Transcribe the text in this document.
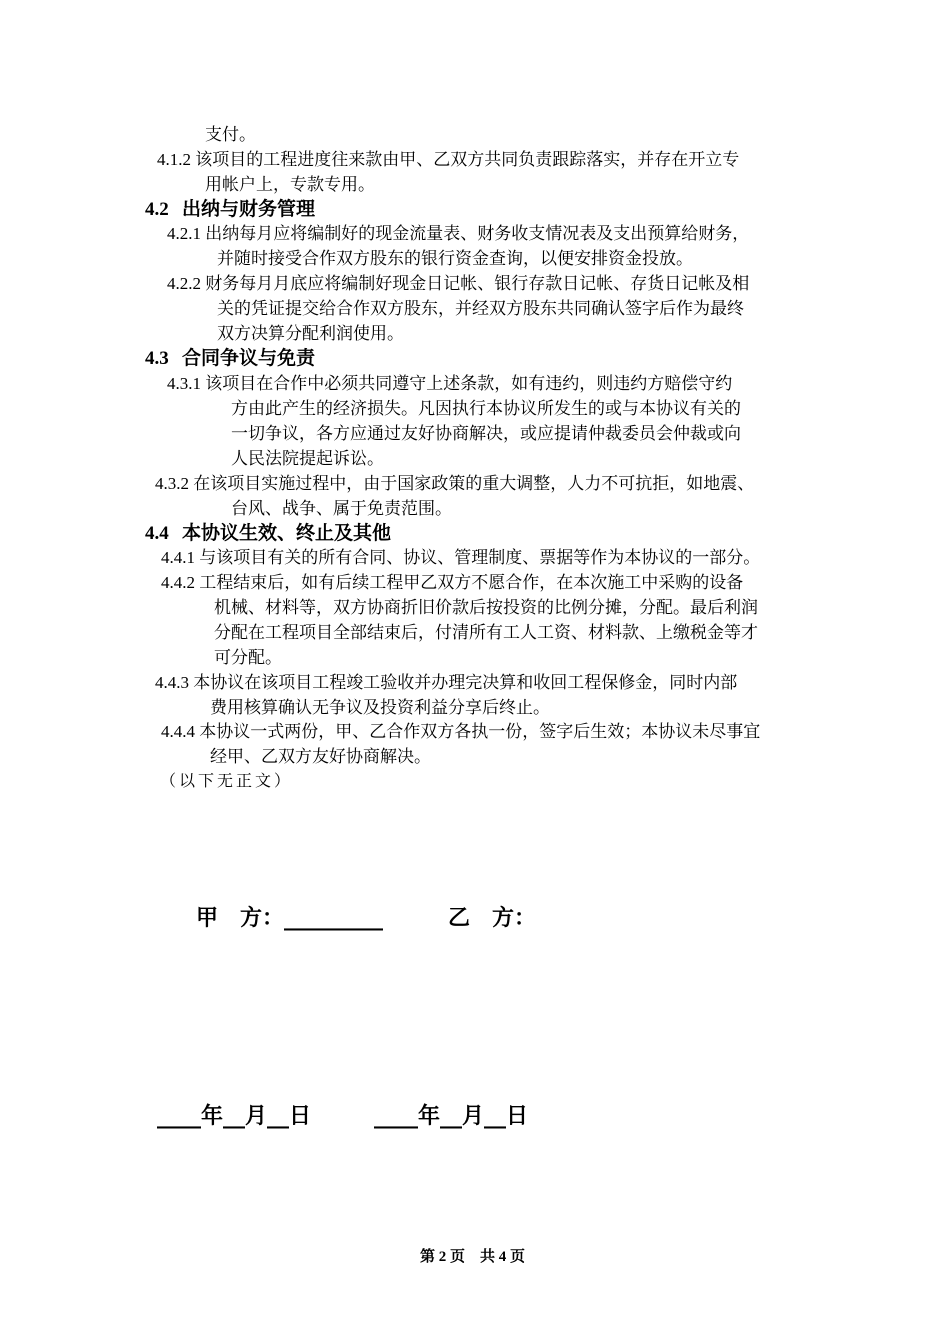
支付。
4.1.2 该项目的工程进度往来款由甲、乙双方共同负责跟踪落实，并存在开立专
用帐户上，专款专用。
4.2 出纳与财务管理
4.2.1 出纳每月应将编制好的现金流量表、财务收支情况表及支出预算给财务，
并随时接受合作双方股东的银行资金查询，以便安排资金投放。
4.2.2 财务每月月底应将编制好现金日记帐、银行存款日记帐、存货日记帐及相
关的凭证提交给合作双方股东，并经双方股东共同确认签字后作为最终
双方决算分配利润使用。
4.3 合同争议与免责
4.3.1 该项目在合作中必须共同遵守上述条款，如有违约，则违约方赔偿守约
方由此产生的经济损失。凡因执行本协议所发生的或与本协议有关的
一切争议，各方应通过友好协商解决，或应提请仲裁委员会仲裁或向
人民法院提起诉讼。
4.3.2 在该项目实施过程中，由于国家政策的重大调整，人力不可抗拒，如地震、
台风、战争、属于免责范围。
4.4 本协议生效、终止及其他
4.4.1 与该项目有关的所有合同、协议、管理制度、票据等作为本协议的一部分。
4.4.2 工程结束后，如有后续工程甲乙双方不愿合作，在本次施工中采购的设备
机械、材料等，双方协商折旧价款后按投资的比例分摊，分配。最后利润
分配在工程项目全部结束后，付清所有工人工资、材料款、上缴税金等才
可分配。
4.4.3 本协议在该项目工程竣工验收并办理完决算和收回工程保修金，同时内部
费用核算确认无争议及投资利益分享后终止。
4.4.4 本协议一式两份，甲、乙合作双方各执一份，签字后生效；本协议未尽事宜
经甲、乙双方友好协商解决。
（以下无正文）
甲　方：_________	乙　方：
____年__月__日	____年__月__日
第 2 页　共 4 页
